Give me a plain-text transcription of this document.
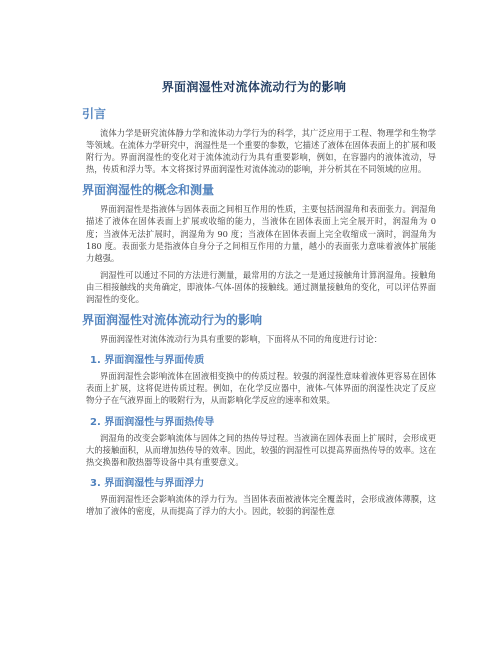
界面润湿性对流体流动行为的影响
引言
流体力学是研究流体静力学和流体动力学行为的科学，其广泛应用于工程、物理学和生物学等领域。在流体力学研究中，润湿性是一个重要的参数，它描述了液体在固体表面上的扩展和吸附行为。界面润湿性的变化对于流体流动行为具有重要影响，例如，在容器内的液体流动，导热，传质和浮力等。本文将探讨界面润湿性对流体流动的影响，并分析其在不同领域的应用。
界面润湿性的概念和测量
界面润湿性是指液体与固体表面之间相互作用的性质，主要包括润湿角和表面张力。润湿角描述了液体在固体表面上扩展或收缩的能力，当液体在固体表面上完全展开时，润湿角为 0 度；当液体无法扩展时，润湿角为 90 度；当液体在固体表面上完全收缩成一滴时，润湿角为 180 度。表面张力是指液体自身分子之间相互作用的力量，越小的表面张力意味着液体扩展能力越强。
润湿性可以通过不同的方法进行测量，最常用的方法之一是通过接触角计算润湿角。接触角由三相接触线的夹角确定，即液体-气体-固体的接触线。通过测量接触角的变化，可以评估界面润湿性的变化。
界面润湿性对流体流动行为的影响
界面润湿性对流体流动行为具有重要的影响，下面将从不同的角度进行讨论：
1. 界面润湿性与界面传质
界面润湿性会影响流体在固液相变换中的传质过程。较强的润湿性意味着液体更容易在固体表面上扩展，这将促进传质过程。例如，在化学反应器中，液体-气体界面的润湿性决定了反应物分子在气液界面上的吸附行为，从而影响化学反应的速率和效果。
2. 界面润湿性与界面热传导
润湿角的改变会影响流体与固体之间的热传导过程。当液滴在固体表面上扩展时，会形成更大的接触面积，从而增加热传导的效率。因此，较强的润湿性可以提高界面热传导的效率。这在热交换器和散热器等设备中具有重要意义。
3. 界面润湿性与界面浮力
界面润湿性还会影响流体的浮力行为。当固体表面被液体完全覆盖时，会形成液体薄膜，这增加了液体的密度，从而提高了浮力的大小。因此，较弱的润湿性意
